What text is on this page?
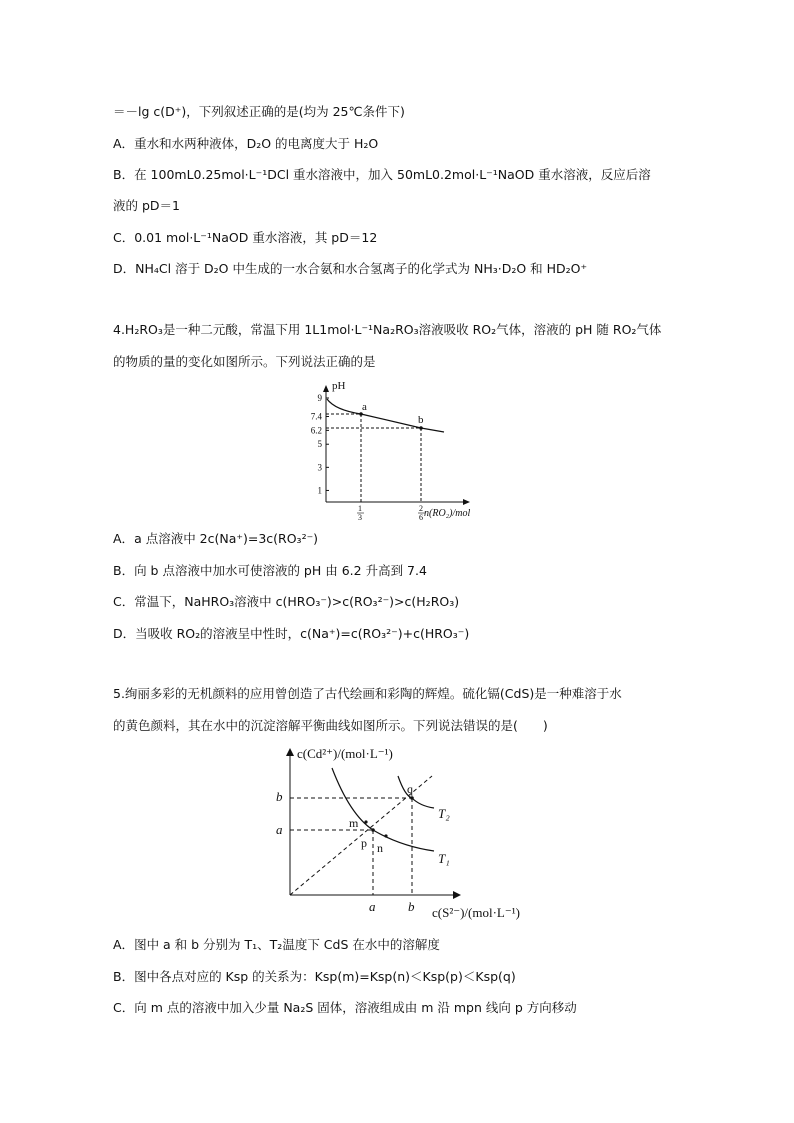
＝－lg c(D⁺)，下列叙述正确的是(均为 25℃条件下)
A．重水和水两种液体，D₂O 的电离度大于 H₂O
B．在 100mL0.25mol·L⁻¹DCl 重水溶液中，加入 50mL0.2mol·L⁻¹NaOD 重水溶液，反应后溶
液的 pD＝1
C．0.01 mol·L⁻¹NaOD 重水溶液，其 pD＝12
D．NH₄Cl 溶于 D₂O 中生成的一水合氨和水合氢离子的化学式为 NH₃·D₂O 和 HD₂O⁺
4.H₂RO₃是一种二元酸，常温下用 1L1mol·L⁻¹Na₂RO₃溶液吸收 RO₂气体，溶液的 pH 随 RO₂气体
的物质的量的变化如图所示。下列说法正确的是
pH
n(RO₂)/mol
1
3
5
6.2
7.4
9
1
3
2
6
a
b
A．a 点溶液中 2c(Na⁺)=3c(RO₃²⁻)
B．向 b 点溶液中加水可使溶液的 pH 由 6.2 升高到 7.4
C．常温下，NaHRO₃溶液中 c(HRO₃⁻)>c(RO₃²⁻)>c(H₂RO₃)
D．当吸收 RO₂的溶液呈中性时，c(Na⁺)=c(RO₃²⁻)+c(HRO₃⁻)
5.绚丽多彩的无机颜料的应用曾创造了古代绘画和彩陶的辉煌。硫化镉(CdS)是一种难溶于水
的黄色颜料，其在水中的沉淀溶解平衡曲线如图所示。下列说法错误的是(　　)
c(Cd²⁺)/(mol·L⁻¹)
c(S²⁻)/(mol·L⁻¹)
b
a
a	b
T₁
T₂
m
p n
q
A．图中 a 和 b 分别为 T₁、T₂温度下 CdS 在水中的溶解度
B．图中各点对应的 Ksp 的关系为：Ksp(m)=Ksp(n)＜Ksp(p)＜Ksp(q)
C．向 m 点的溶液中加入少量 Na₂S 固体，溶液组成由 m 沿 mpn 线向 p 方向移动
